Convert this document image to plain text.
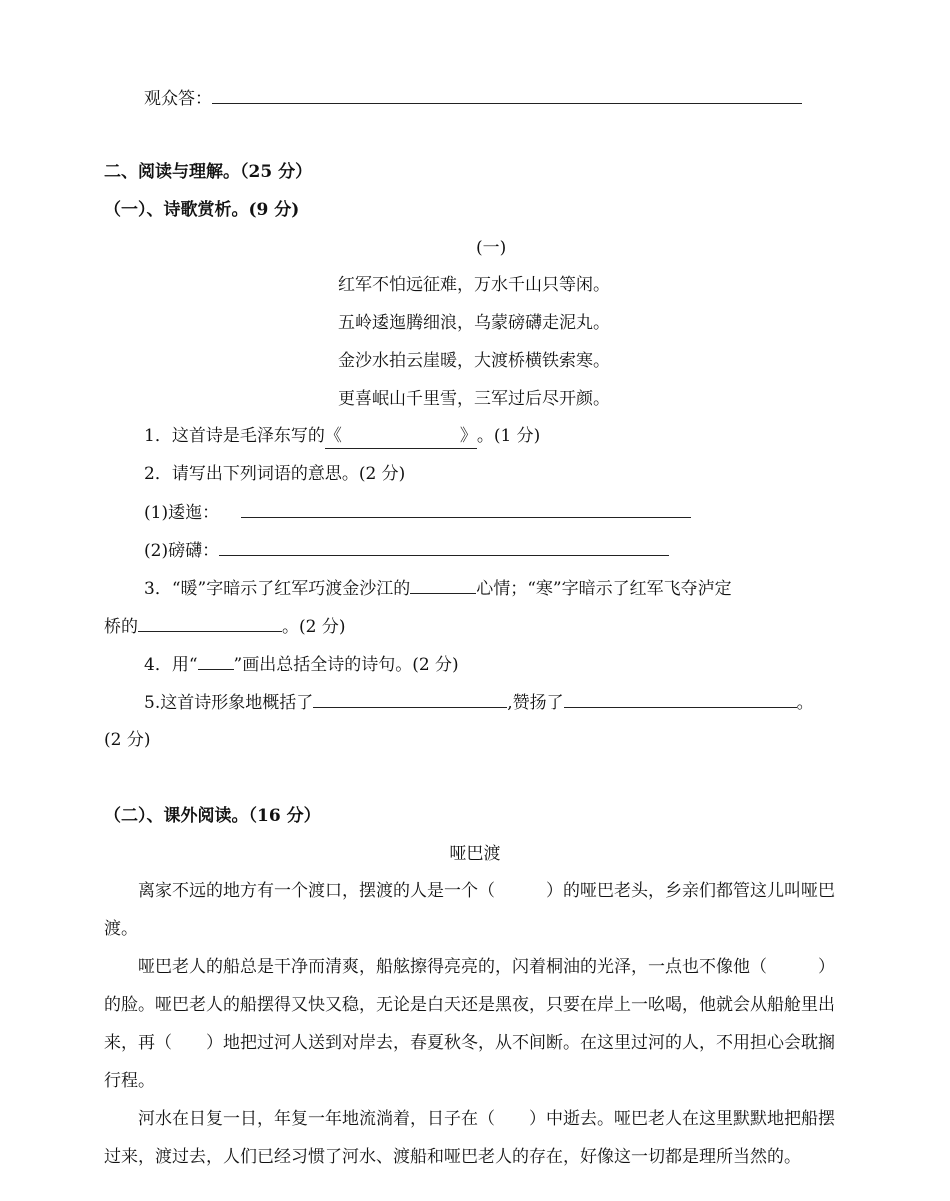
观众答：
二、阅读与理解。（25 分）
（一）、诗歌赏析。(9 分)
(一)
红军不怕远征难，万水千山只等闲。
五岭逶迤腾细浪，乌蒙磅礴走泥丸。
金沙水拍云崖暖，大渡桥横铁索寒。
更喜岷山千里雪，三军过后尽开颜。
1．这首诗是毛泽东写的《	》。(1 分)
2．请写出下列词语的意思。(2 分)
(1)逶迤：
(2)磅礴：
3．“暖”字暗示了红军巧渡金沙江的	心情；“寒”字暗示了红军飞夺泸定
桥的	。(2 分)
4．用“ ”画出总括全诗的诗句。(2 分)
5.这首诗形象地概括了	,赞扬了	。
(2 分)
（二）、课外阅读。（16 分）
哑巴渡
离家不远的地方有一个渡口，摆渡的人是一个（　　　）的哑巴老头，乡亲们都管这儿叫哑巴渡。
哑巴老人的船总是干净而清爽，船舷擦得亮亮的，闪着桐油的光泽，一点也不像他（　　　）的脸。哑巴老人的船摆得又快又稳，无论是白天还是黑夜，只要在岸上一吆喝，他就会从船舱里出来，再（　　）地把过河人送到对岸去，春夏秋冬，从不间断。在这里过河的人，不用担心会耽搁行程。
河水在日复一日，年复一年地流淌着，日子在（　　）中逝去。哑巴老人在这里默默地把船摆过来，渡过去，人们已经习惯了河水、渡船和哑巴老人的存在，好像这一切都是理所当然的。
